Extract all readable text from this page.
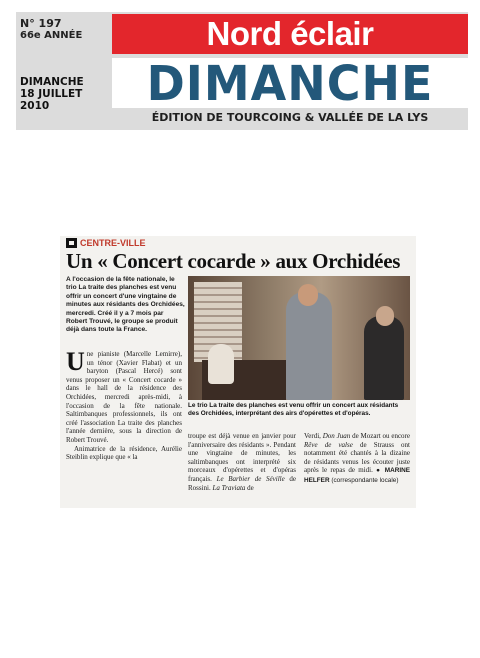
N° 197
66e ANNÉE
DIMANCHE
18 JUILLET
2010
Nord éclair
DIMANCHE
ÉDITION DE TOURCOING & VALLÉE DE LA LYS
CENTRE-VILLE
Un « Concert cocarde » aux Orchidées
A l'occasion de la fête nationale, le trio La traite des planches est venu offrir un concert d'une vingtaine de minutes aux résidants des Orchidées, mercredi. Créé il y a 7 mois par Robert Trouvé, le groupe se produit déjà dans toute la France.
Le trio La traite des planches est venu offrir un concert aux résidants des Orchidées, interprétant des airs d'opérettes et d'opéras.
Une pianiste (Marcelle Lemirre), un ténor (Xavier Flabat) et un baryton (Pascal Hercé) sont venus proposer un « Concert cocarde » dans le hall de la résidence des Orchidées, mercredi après-midi, à l'occasion de la fête nationale. Saltimbanques professionnels, ils ont créé l'association La traite des planches l'année dernière, sous la direction de Robert Trouvé.
Animatrice de la résidence, Aurélie Steiblin explique que « la
troupe est déjà venue en janvier pour l'anniversaire des résidants ». Pendant une vingtaine de minutes, les saltimbanques ont interprété six morceaux d'opérettes et d'opéras français. Le Barbier de Séville de Rossini. La Traviata de
Verdi, Don Juan de Mozart ou encore Rêve de valse de Strauss ont notamment été chantés à la dizaine de résidants venus les écouter juste après le repas de midi. ● MARINE HELFER (correspondante locale)
